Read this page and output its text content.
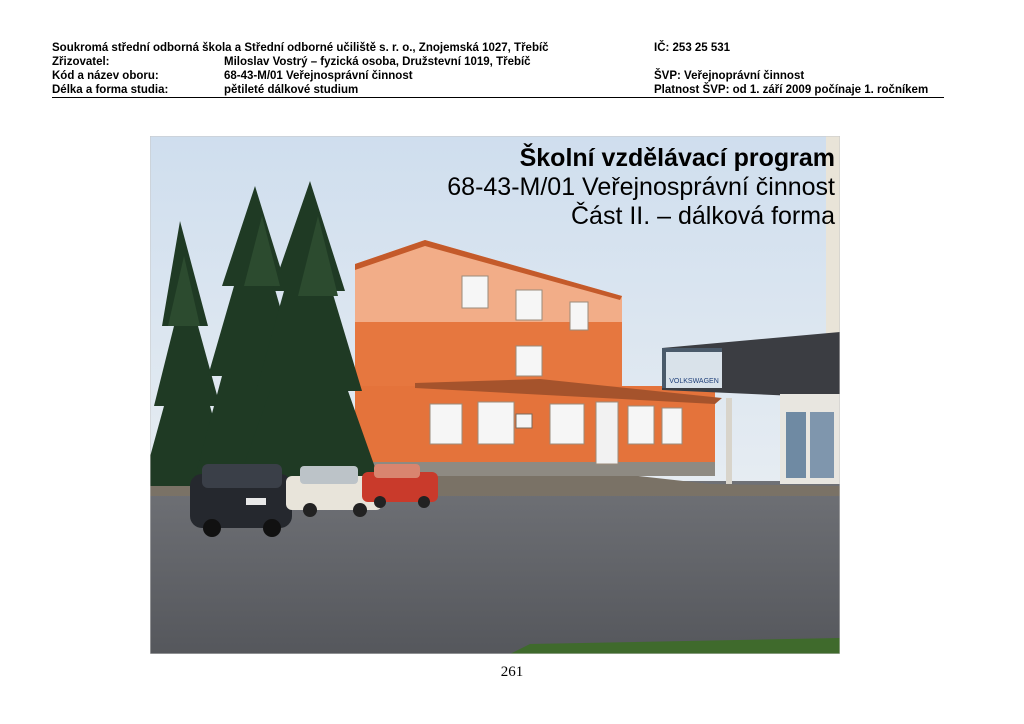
Soukromá střední odborná škola a Střední odborné učiliště s. r. o., Znojemská 1027, Třebíč	IČ: 253 25 531
Zřizovatel:	Miloslav Vostrý – fyzická osoba, Družstevní 1019, Třebíč
Kód a název oboru:	68-43-M/01 Veřejnosprávní činnost	ŠVP: Veřejnoprávní činnost
Délka a forma studia:	pětileté dálkové studium	Platnost ŠVP: od 1. září 2009 počínaje 1. ročníkem
VOLKSWAGEN
Školní vzdělávací program
68-43-M/01 Veřejnosprávní činnost
Část II. – dálková forma
261
